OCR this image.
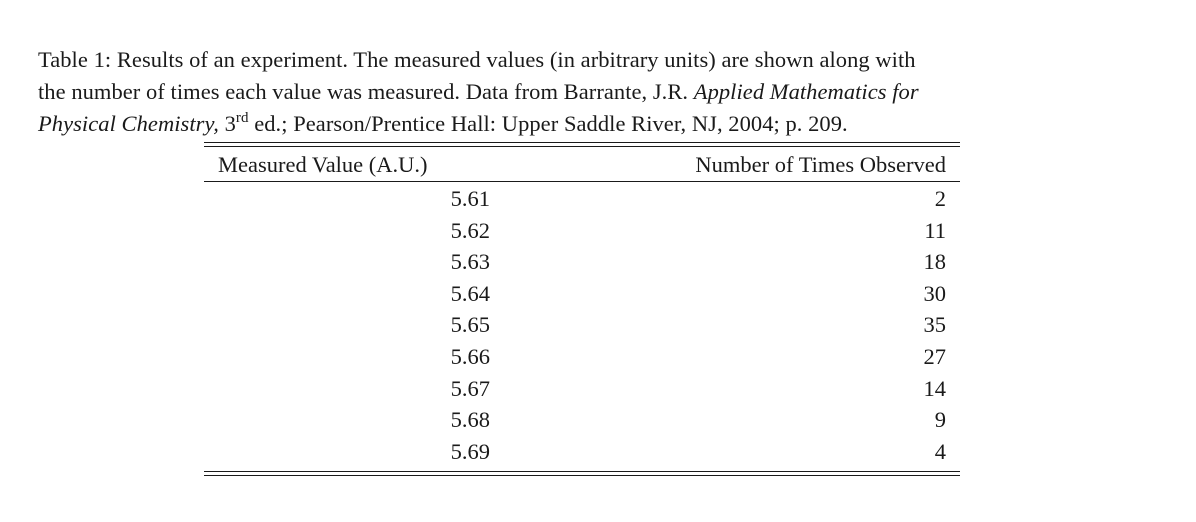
Table 1: Results of an experiment. The measured values (in arbitrary units) are shown along with
the number of times each value was measured. Data from Barrante, J.R. Applied Mathematics for
Physical Chemistry, 3rd ed.; Pearson/Prentice Hall: Upper Saddle River, NJ, 2004; p. 209.
Measured Value (A.U.)	Number of Times Observed
5.61	2
5.62	11
5.63	18
5.64	30
5.65	35
5.66	27
5.67	14
5.68	9
5.69	4
